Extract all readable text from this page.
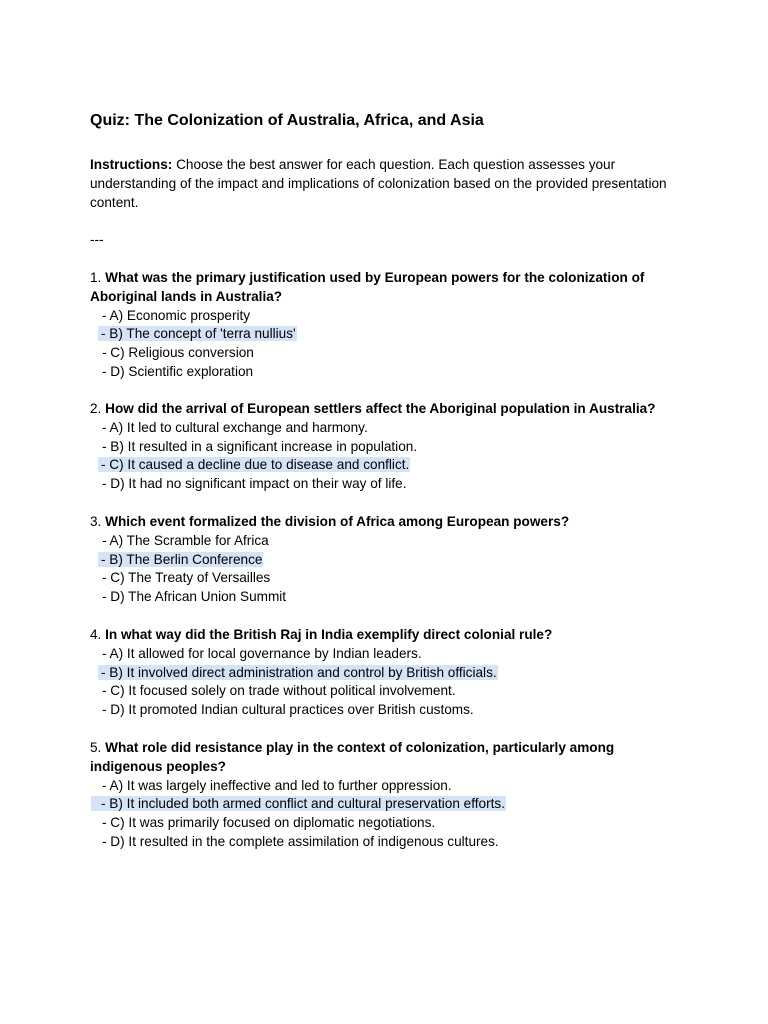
Quiz: The Colonization of Australia, Africa, and Asia
Instructions: Choose the best answer for each question. Each question assesses your understanding of the impact and implications of colonization based on the provided presentation content.
---

1. What was the primary justification used by European powers for the colonization of Aboriginal lands in Australia?

- A) Economic prosperity

- B) The concept of 'terra nullius'

- C) Religious conversion

- D) Scientific exploration

2. How did the arrival of European settlers affect the Aboriginal population in Australia?

- A) It led to cultural exchange and harmony.

- B) It resulted in a significant increase in population.

- C) It caused a decline due to disease and conflict.

- D) It had no significant impact on their way of life.

3. Which event formalized the division of Africa among European powers?

- A) The Scramble for Africa

- B) The Berlin Conference

- C) The Treaty of Versailles

- D) The African Union Summit

4. In what way did the British Raj in India exemplify direct colonial rule?

- A) It allowed for local governance by Indian leaders.

- B) It involved direct administration and control by British officials.

- C) It focused solely on trade without political involvement.

- D) It promoted Indian cultural practices over British customs.

5. What role did resistance play in the context of colonization, particularly among indigenous peoples?

- A) It was largely ineffective and led to further oppression.

- B) It included both armed conflict and cultural preservation efforts.

- C) It was primarily focused on diplomatic negotiations.

- D) It resulted in the complete assimilation of indigenous cultures.
